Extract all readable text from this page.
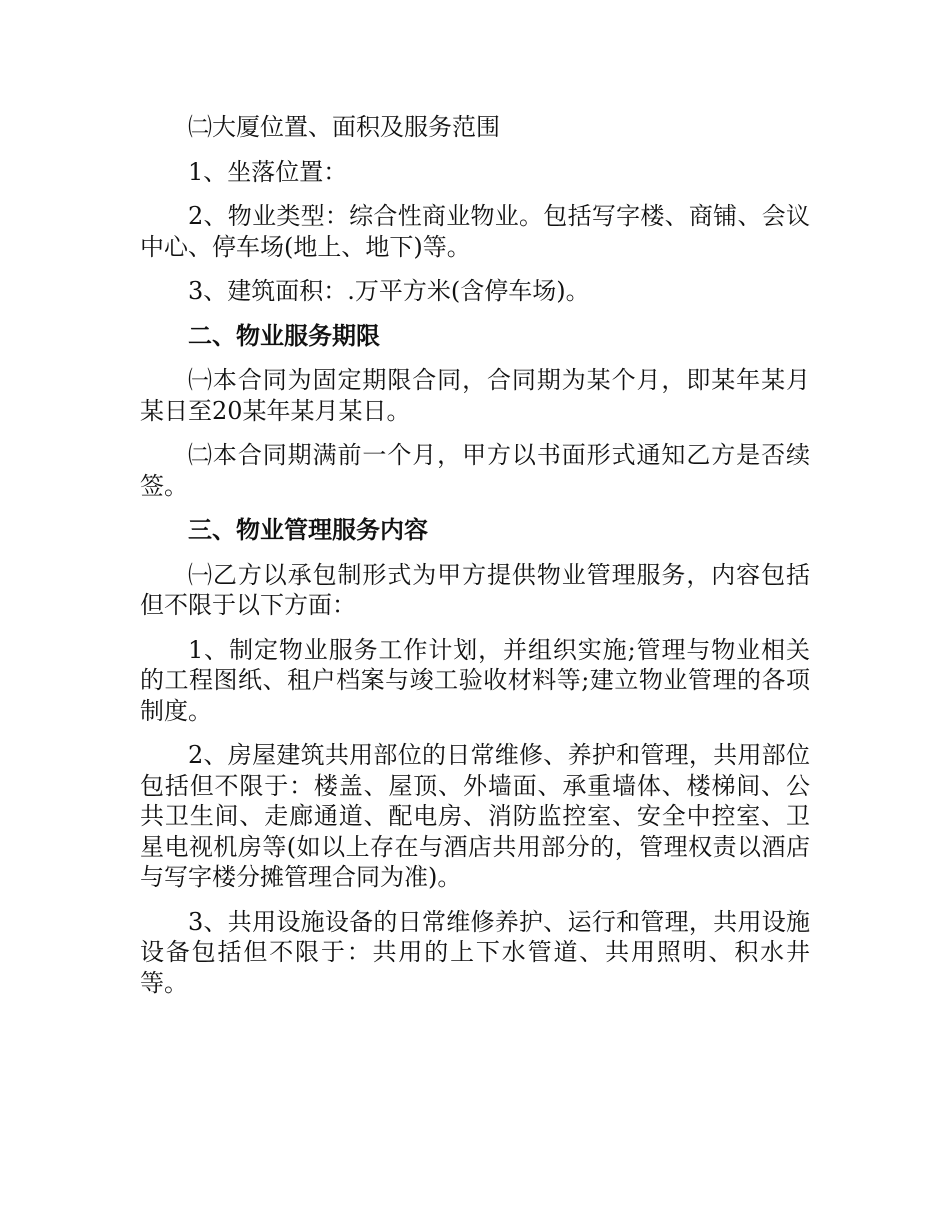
㈡大厦位置、面积及服务范围

1、坐落位置：

2、物业类型：综合性商业物业。包括写字楼、商铺、会议中心、停车场(地上、地下)等。

3、建筑面积：.万平方米(含停车场)。

二、物业服务期限

㈠本合同为固定期限合同，合同期为某个月，即某年某月某日至20某年某月某日。

㈡本合同期满前一个月，甲方以书面形式通知乙方是否续签。

三、物业管理服务内容

㈠乙方以承包制形式为甲方提供物业管理服务，内容包括但不限于以下方面：

1、制定物业服务工作计划，并组织实施;管理与物业相关的工程图纸、租户档案与竣工验收材料等;建立物业管理的各项制度。

2、房屋建筑共用部位的日常维修、养护和管理，共用部位包括但不限于：楼盖、屋顶、外墙面、承重墙体、楼梯间、公共卫生间、走廊通道、配电房、消防监控室、安全中控室、卫星电视机房等(如以上存在与酒店共用部分的，管理权责以酒店与写字楼分摊管理合同为准)。

3、共用设施设备的日常维修养护、运行和管理，共用设施设备包括但不限于：共用的上下水管道、共用照明、积水井等。
